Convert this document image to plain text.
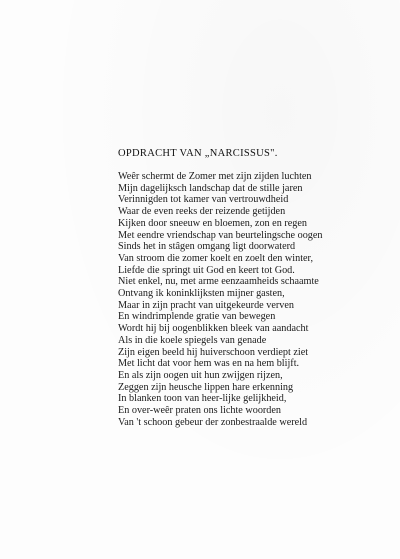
OPDRACHT VAN „NARCISSUS".
Weêr schermt de Zomer met zijn zijden luchten
Mijn dagelijksch landschap dat de stille jaren
Verinnigden tot kamer van vertrouwdheid
Waar de even reeks der reizende getijden
Kijken door sneeuw en bloemen, zon en regen
Met eendre vriendschap van beurtelingsche oogen
Sinds het in stâgen omgang ligt doorwaterd
Van stroom die zomer koelt en zoelt den winter,
Liefde die springt uit God en keert tot God.
Niet enkel, nu, met arme eenzaamheids schaamte
Ontvang ik koninklijksten mijner gasten,
Maar in zijn pracht van uitgekeurde verven
En windrimplende gratie van bewegen
Wordt hij bij oogenblikken bleek van aandacht
Als in die koele spiegels van genade
Zijn eigen beeld hij huiverschoon verdiept ziet
Met licht dat voor hem was en na hem blijft.
En als zijn oogen uit hun zwijgen rijzen,
Zeggen zijn heusche lippen hare erkenning
In blanken toon van heer-lijke gelijkheid,
En over-weêr praten ons lichte woorden
Van 't schoon gebeur der zonbestraalde wereld
